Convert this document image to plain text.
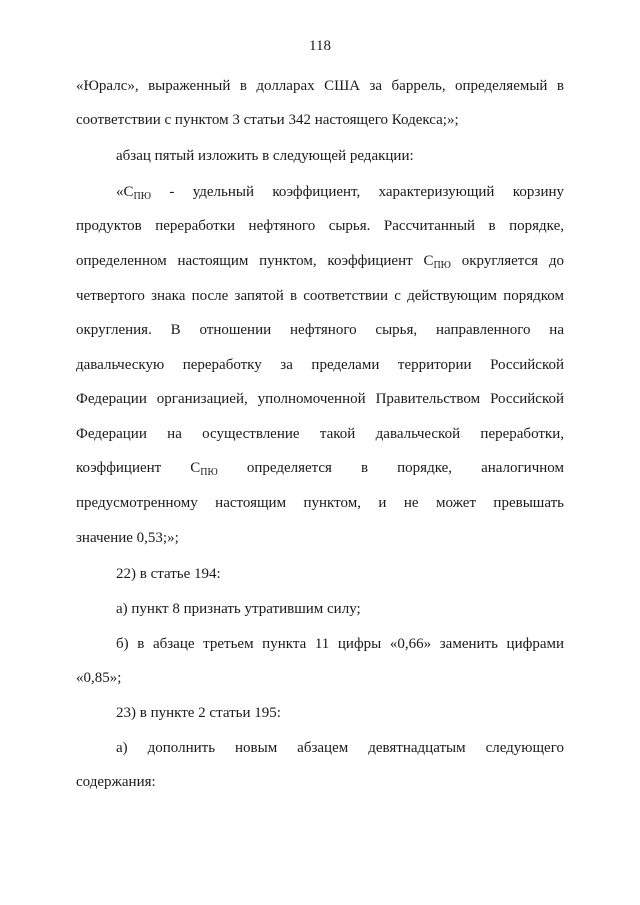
118
«Юралс», выраженный в долларах США за баррель, определяемый в
соответствии с пунктом 3 статьи 342 настоящего Кодекса;»;
абзац пятый изложить в следующей редакции:
«$C_{ПЮ}$ - удельный коэффициент, характеризующий корзину
продуктов переработки нефтяного сырья. Рассчитанный в порядке,
определенном настоящим пунктом, коэффициент $C_{ПЮ}$ округляется до
четвертого знака после запятой в соответствии с действующим порядком
округления. В отношении нефтяного сырья, направленного на
давальческую переработку за пределами территории Российской
Федерации организацией, уполномоченной Правительством Российской
Федерации на осуществление такой давальческой переработки,
коэффициент $C_{ПЮ}$ определяется в порядке, аналогичном
предусмотренному настоящим пунктом, и не может превышать
значение 0,53;»;
22) в статье 194:
а) пункт 8 признать утратившим силу;
б) в абзаце третьем пункта 11 цифры «0,66» заменить цифрами
«0,85»;
23) в пункте 2 статьи 195:
а) дополнить новым абзацем девятнадцатым следующего
содержания:
